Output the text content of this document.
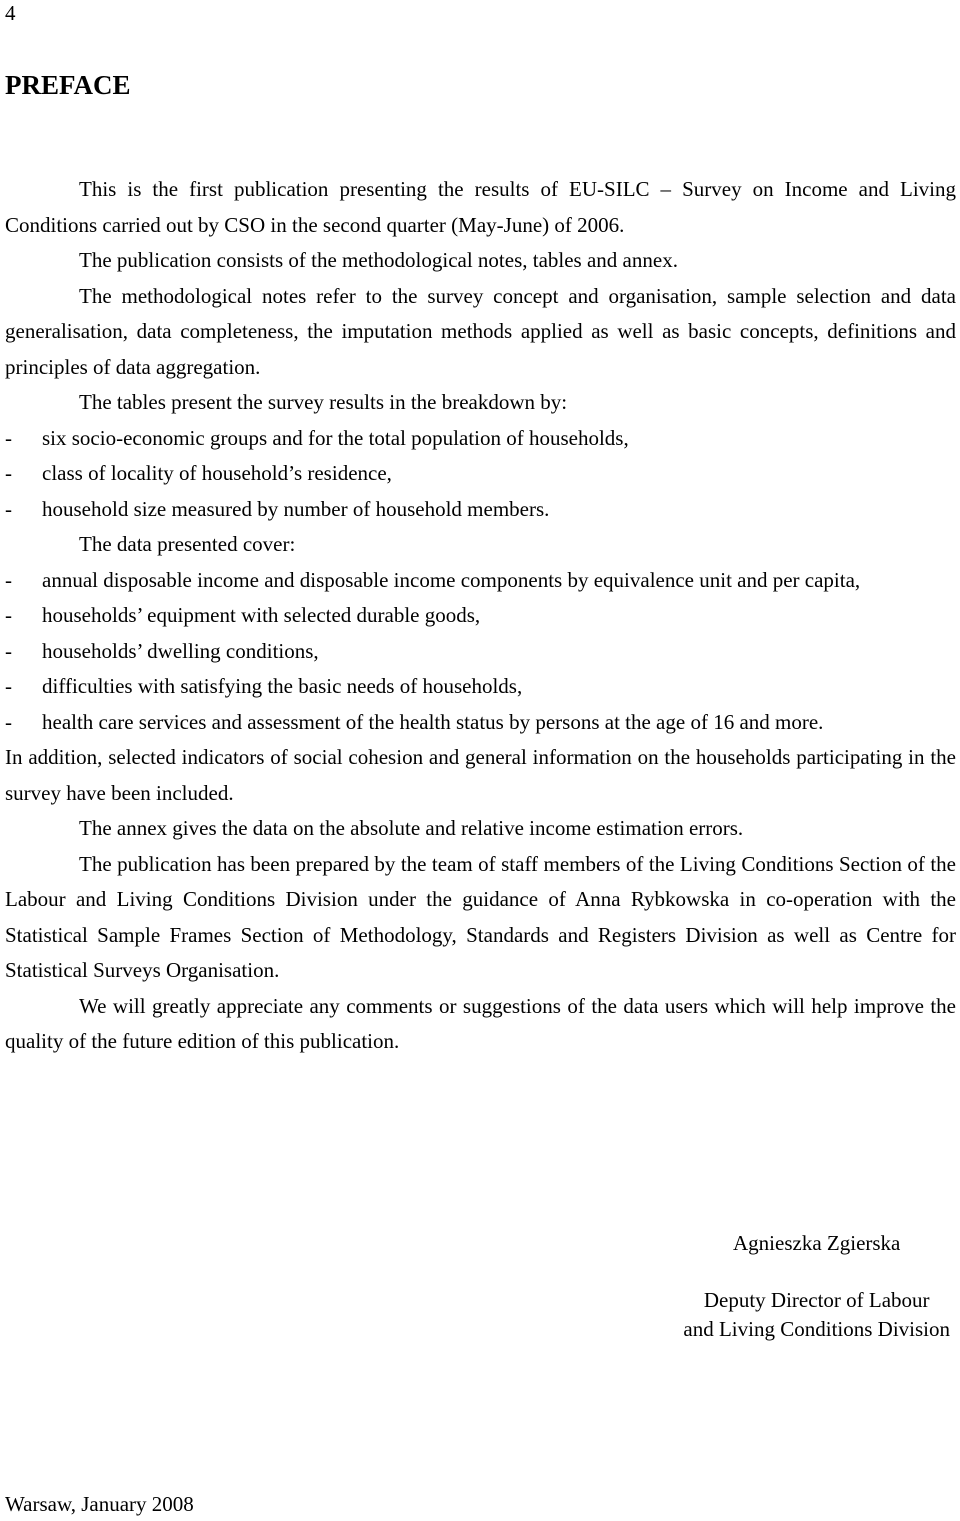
4
PREFACE

This is the first publication presenting the results of EU-SILC – Survey on Income and Living Conditions carried out by CSO in the second quarter (May-June) of 2006.

The publication consists of the methodological notes, tables and annex.

The methodological notes refer to the survey concept and organisation, sample selection and data generalisation, data completeness, the imputation methods applied as well as basic concepts, definitions and principles of data aggregation.

The tables present the survey results in the breakdown by:

-	six socio-economic groups and for the total population of households,
-	class of locality of household’s residence,
-	household size measured by number of household members.

The data presented cover:

-	annual disposable income and disposable income components by equivalence unit and per capita,
-	households’ equipment with selected durable goods,
-	households’ dwelling conditions,
-	difficulties with satisfying the basic needs of households,
-	health care services and assessment of the health status by persons at the age of 16 and more.

In addition, selected indicators of social cohesion and general information on the households participating in the survey have been included.

The annex gives the data on the absolute and relative income estimation errors.

The publication has been prepared by the team of staff members of the Living Conditions Section of the Labour and Living Conditions Division under the guidance of Anna Rybkowska in co-operation with the Statistical Sample Frames Section of Methodology, Standards and Registers Division as well as Centre for Statistical Surveys Organisation.

We will greatly appreciate any comments or suggestions of the data users which will help improve the quality of the future edition of this publication.

Agnieszka Zgierska

Deputy Director of Labour

and Living Conditions Division

Warsaw, January 2008
